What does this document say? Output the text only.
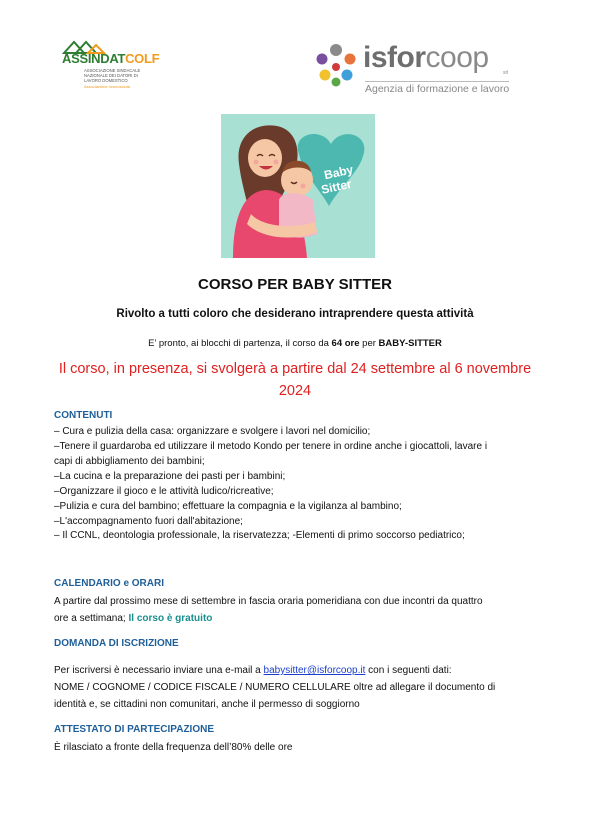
ASSINDATCOLF
ASSOCIAZIONE SINDACALE NAZIONALE DEI DATORI DI LAVORO DOMESTICO
Associazione riconosciuta
isforcoop	srl
Agenzia di formazione e lavoro
Baby
Sitter
CORSO PER BABY SITTER
Rivolto a tutti coloro che desiderano intraprendere questa attività
E’ pronto, ai blocchi di partenza, il corso da 64 ore per BABY-SITTER
Il corso, in presenza, si svolgerà a partire dal 24 settembre al 6 novembre
2024
CONTENUTI
– Cura e pulizia della casa: organizzare e svolgere i lavori nel domicilio;
–Tenere il guardaroba ed utilizzare il metodo Kondo per tenere in ordine anche i giocattoli, lavare i
capi di abbigliamento dei bambini;
–La cucina e la preparazione dei pasti per i bambini;
–Organizzare il gioco e le attività ludico/ricreative;
–Pulizia e cura del bambino; effettuare la compagnia e la vigilanza al bambino;
–L'accompagnamento fuori dall'abitazione;
– Il CCNL, deontologia professionale, la riservatezza; -Elementi di primo soccorso pediatrico;
CALENDARIO e ORARI
A partire dal prossimo mese di settembre in fascia oraria pomeridiana con due incontri da quattro
ore a settimana; Il corso è gratuito
DOMANDA DI ISCRIZIONE
Per iscriversi è necessario inviare una e-mail a babysitter@isforcoop.it con i seguenti dati:
NOME / COGNOME / CODICE FISCALE / NUMERO CELLULARE oltre ad allegare il documento di
identità e, se cittadini non comunitari, anche il permesso di soggiorno
ATTESTATO DI PARTECIPAZIONE
È rilasciato a fronte della frequenza dell’80% delle ore
